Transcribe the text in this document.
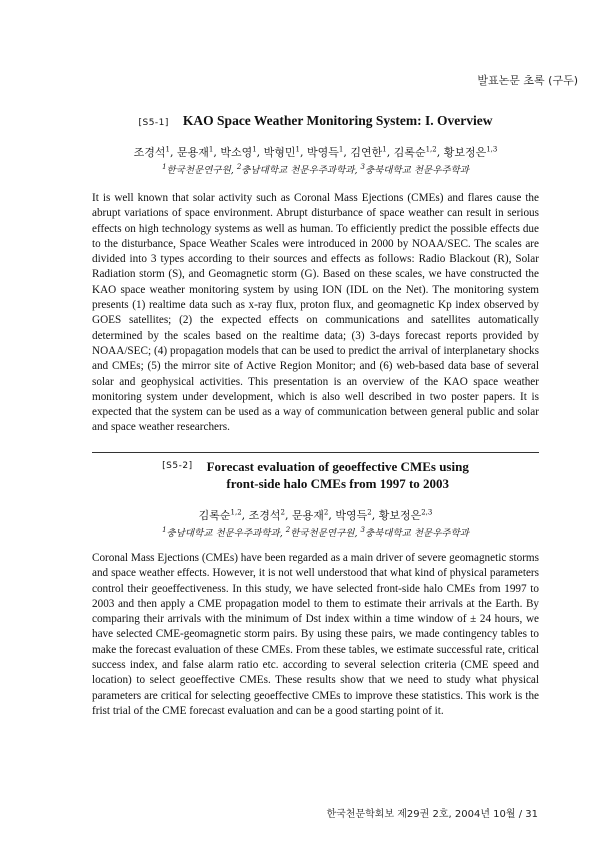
발표논문 초록 (구두)
[S5-1] KAO Space Weather Monitoring System: I. Overview
조경석$^1$, 문용재$^1$, 박소영$^1$, 박형민$^1$, 박영득$^1$, 김연한$^1$, 김록순$^{1,2}$, 황보정은$^{1,3}$
$^1$한국천문연구원, $^2$충남대학교 천문우주과학과, $^3$충북대학교 천문우주학과
It is well known that solar activity such as Coronal Mass Ejections (CMEs) and flares cause the abrupt variations of space environment. Abrupt disturbance of space weather can result in serious effects on high technology systems as well as human. To efficiently predict the possible effects due to the disturbance, Space Weather Scales were introduced in 2000 by NOAA/SEC. The scales are divided into 3 types according to their sources and effects as follows: Radio Blackout (R), Solar Radiation storm (S), and Geomagnetic storm (G). Based on these scales, we have constructed the KAO space weather monitoring system by using ION (IDL on the Net). The monitoring system presents (1) realtime data such as x-ray flux, proton flux, and geomagnetic Kp index observed by GOES satellites; (2) the expected effects on communications and satellites automatically determined by the scales based on the realtime data; (3) 3-days forecast reports provided by NOAA/SEC; (4) propagation models that can be used to predict the arrival of interplanetary shocks and CMEs; (5) the mirror site of Active Region Monitor; and (6) web-based data base of several solar and geophysical activities. This presentation is an overview of the KAO space weather monitoring system under development, which is also well described in two poster papers. It is expected that the system can be used as a way of communication between general public and solar and space weather researchers.
[S5-2] Forecast evaluation of geoeffective CMEs using
front-side halo CMEs from 1997 to 2003
김록순$^{1,2}$, 조경석$^2$, 문용재$^2$, 박영득$^2$, 황보정은$^{2,3}$
$^1$충남대학교 천문우주과학과, $^2$한국천문연구원, $^3$충북대학교 천문우주학과
Coronal Mass Ejections (CMEs) have been regarded as a main driver of severe geomagnetic storms and space weather effects. However, it is not well understood that what kind of physical parameters control their geoeffectiveness. In this study, we have selected front-side halo CMEs from 1997 to 2003 and then apply a CME propagation model to them to estimate their arrivals at the Earth. By comparing their arrivals with the minimum of Dst index within a time window of ± 24 hours, we have selected CME-geomagnetic storm pairs. By using these pairs, we made contingency tables to make the forecast evaluation of these CMEs. From these tables, we estimate successful rate, critical success index, and false alarm ratio etc. according to several selection criteria (CME speed and location) to select geoeffective CMEs. These results show that we need to study what physical parameters are critical for selecting geoeffective CMEs to improve these statistics. This work is the frist trial of the CME forecast evaluation and can be a good starting point of it.
한국천문학회보 제29권 2호, 2004년 10월 / 31
